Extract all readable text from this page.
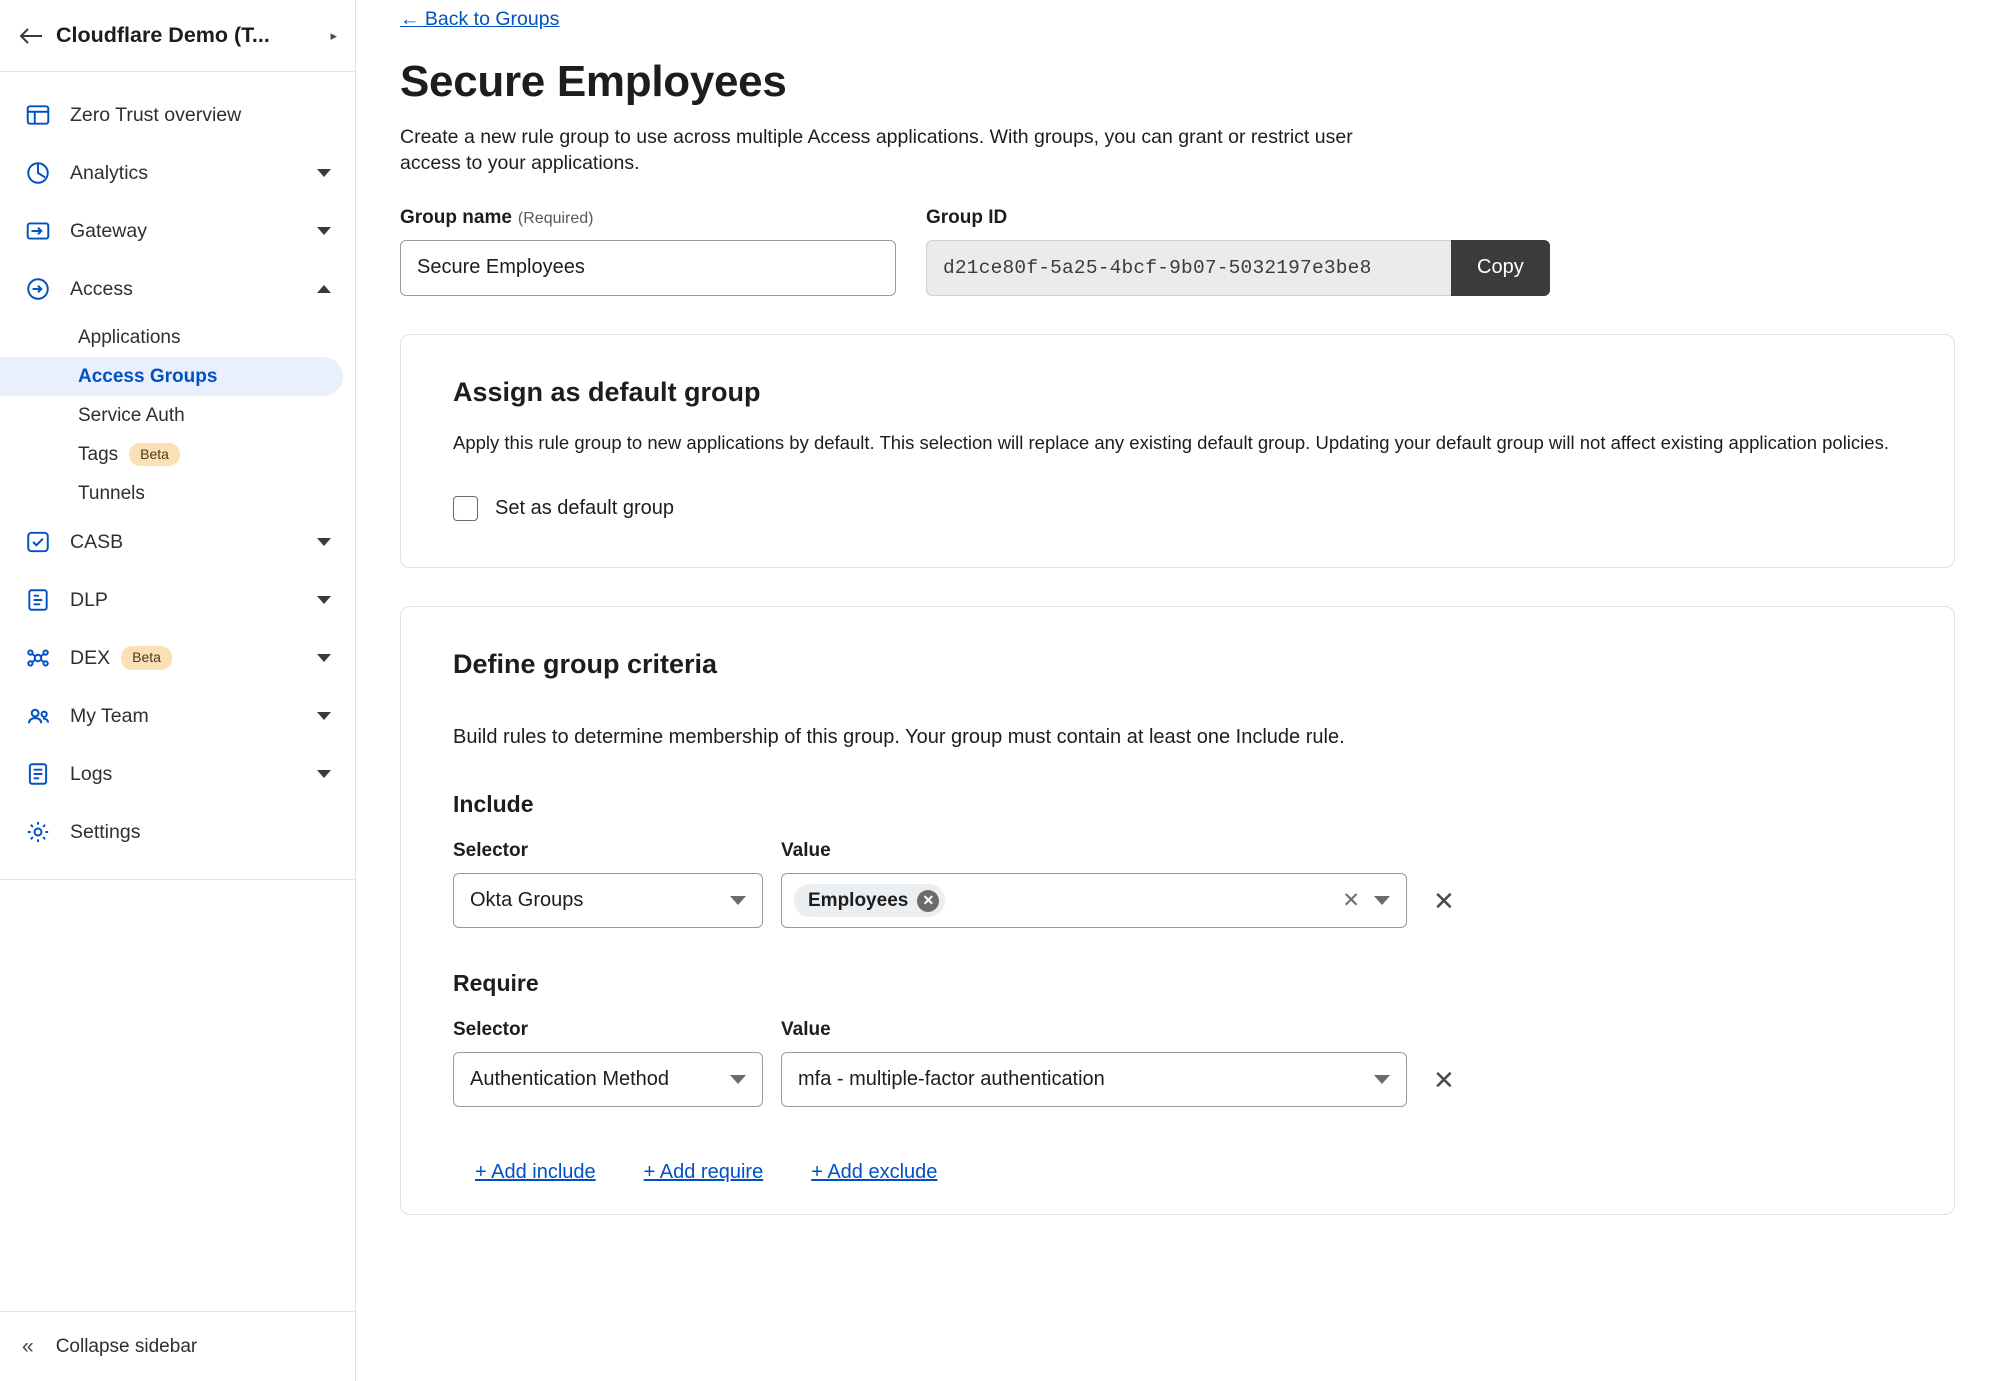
Cloudflare Demo (T...	▸
Zero Trust overview
Analytics
Gateway
Access
Applications
Access Groups
Service Auth
Tags	Beta
Tunnels
CASB
DLP
DEX	Beta
My Team
Logs
Settings
« Collapse sidebar
← Back to Groups
Secure Employees

Create a new rule group to use across multiple Access applications. With groups, you can grant or restrict user access to your applications.

Group name (Required)
Secure Employees	Group ID
d21ce80f-5a25-4bcf-9b07-5032197e3be8	Copy
Assign as default group

Apply this rule group to new applications by default. This selection will replace any existing default group. Updating your default group will not affect existing application policies.

Set as default group
Define group criteria

Build rules to determine membership of this group. Your group must contain at least one Include rule.

Include
Selector
Okta Groups
Value
Employees	✕	✕	✕
Require
Selector
Authentication Method
Value
mfa - multiple-factor authentication	✕
+ Add include + Add require + Add exclude
